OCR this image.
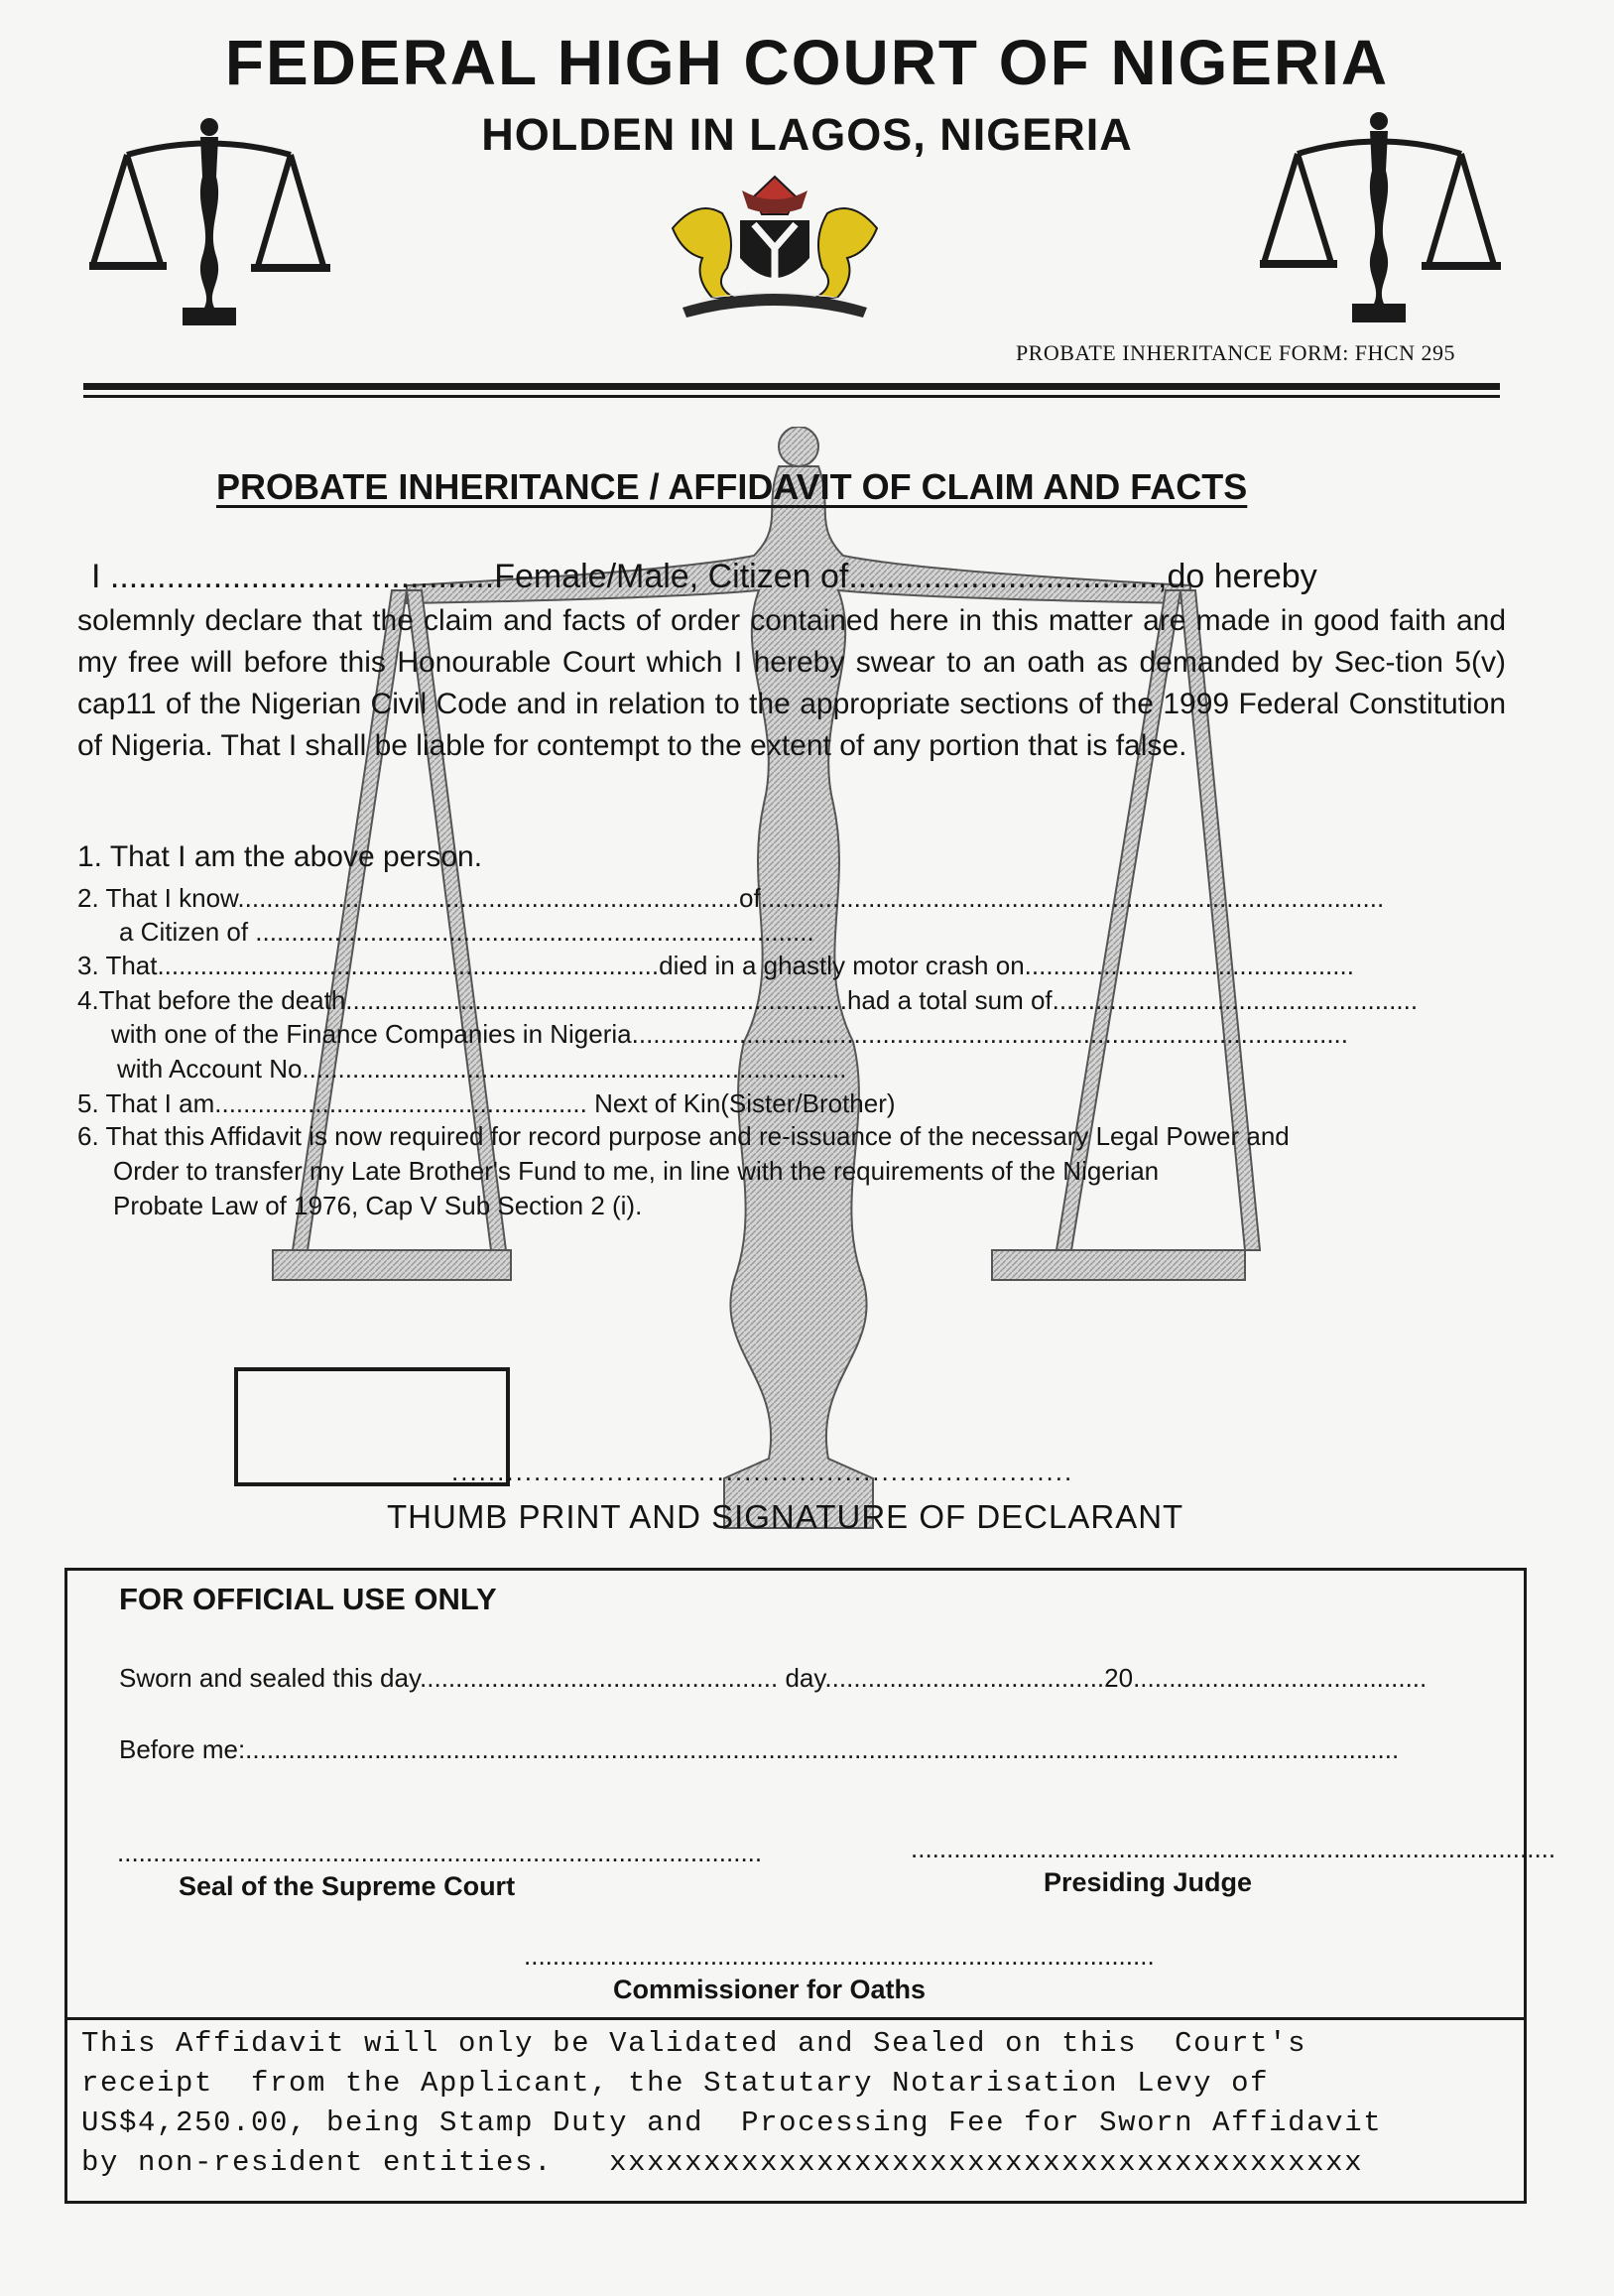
FEDERAL HIGH COURT OF NIGERIA
HOLDEN IN LAGOS, NIGERIA
PROBATE INHERITANCE FORM: FHCN 295
PROBATE INHERITANCE / AFFIDAVIT OF CLAIM AND FACTS
I .........................................Female/Male, Citizen of.................................,do hereby
solemnly declare that the claim and facts of order contained here in this matter are made in good faith and my free will before this Honourable Court which I hereby swear to an oath as demanded by Sec-tion 5(v) cap11 of the Nigerian Civil Code and in relation to the appropriate sections of the 1999 Federal Constitution of Nigeria. That I shall be liable for contempt to the extent of any portion that is false.
1. That I am the above person.
2. That I know......................................................................of.......................................................................................
a Citizen of ..............................................................................
3. That......................................................................died in a ghastly motor crash on..............................................
4.That before the death......................................................................had a total sum of...................................................
with one of the Finance Companies in Nigeria....................................................................................................
with Account No............................................................................
5. That I am.................................................... Next of Kin(Sister/Brother)
6. That this Affidavit is now required for record purpose and re-issuance of the necessary Legal Power and
Order to transfer my Late Brother's Fund to me, in line with the requirements of the Nigerian
Probate Law of 1976, Cap V Sub Section 2 (i).
....................................................................
THUMB PRINT AND SIGNATURE OF DECLARANT
FOR OFFICIAL USE ONLY
Sworn and sealed this day.................................................. day.......................................20.........................................
Before me:.................................................................................................................................................................
..........................................................................................
Seal of the Supreme Court
..........................................................................................
Presiding Judge
........................................................................................
Commissioner for Oaths
This Affidavit will only be Validated and Sealed on this  Court's
receipt  from the Applicant, the Statutary Notarisation Levy of
US$4,250.00, being Stamp Duty and  Processing Fee for Sworn Affidavit
by non-resident entities.   xxxxxxxxxxxxxxxxxxxxxxxxxxxxxxxxxxxxxxxx
